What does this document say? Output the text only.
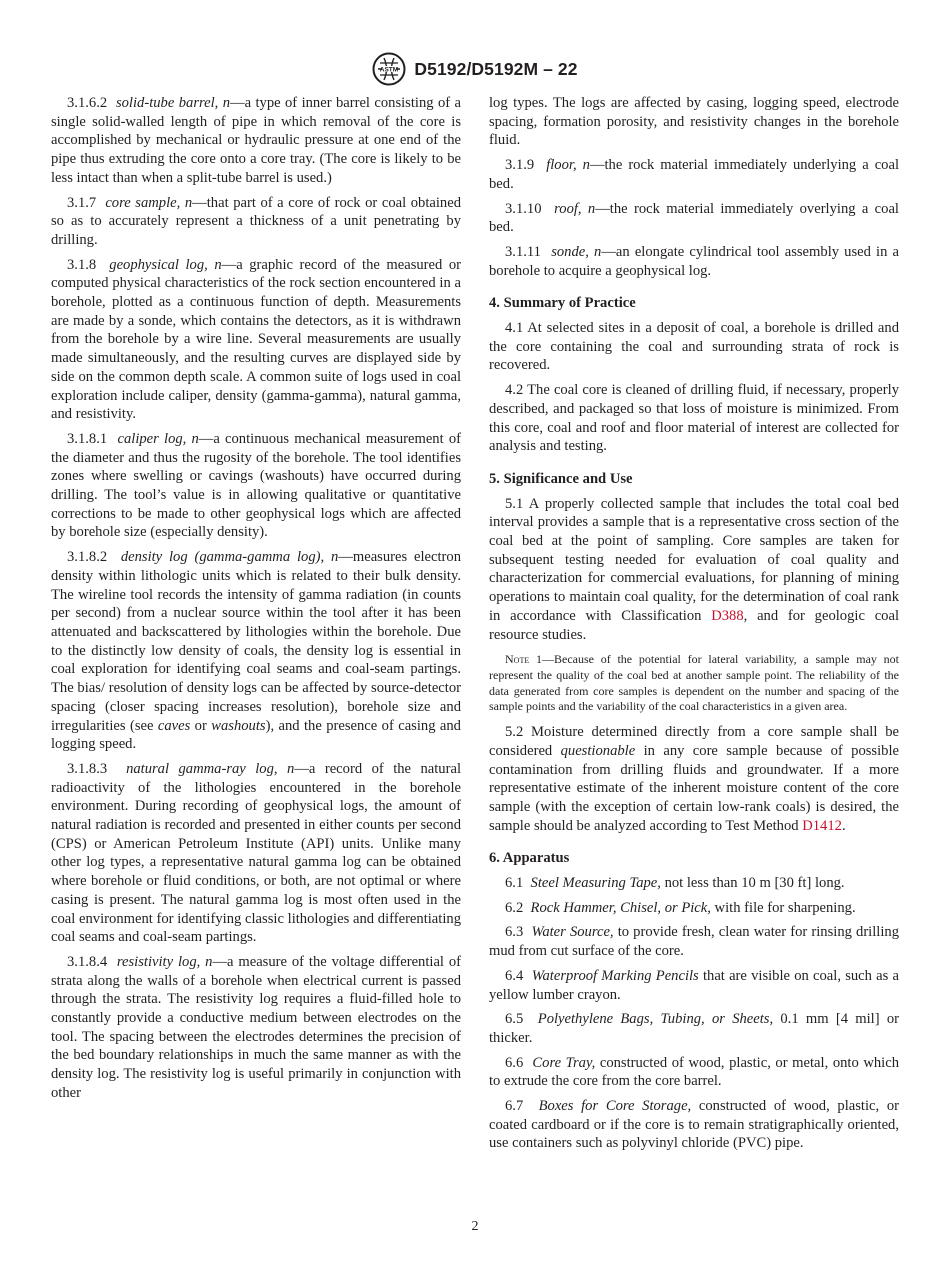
ASTM D5192/D5192M – 22

3.1.6.2 solid-tube barrel, n—a type of inner barrel consisting of a single solid-walled length of pipe in which removal of the core is accomplished by mechanical or hydraulic pressure at one end of the pipe thus extruding the core onto a core tray. (The core is likely to be less intact than when a split-tube barrel is used.)

3.1.7 core sample, n—that part of a core of rock or coal obtained so as to accurately represent a thickness of a unit penetrating by drilling.

3.1.8 geophysical log, n—a graphic record of the measured or computed physical characteristics of the rock section encountered in a borehole, plotted as a continuous function of depth. Measurements are made by a sonde, which contains the detectors, as it is withdrawn from the borehole by a wire line. Several measurements are usually made simultaneously, and the resulting curves are displayed side by side on the common depth scale. A common suite of logs used in coal exploration include caliper, density (gamma-gamma), natural gamma, and resistivity.

3.1.8.1 caliper log, n—a continuous mechanical measurement of the diameter and thus the rugosity of the borehole. The tool identifies zones where swelling or cavings (washouts) have occurred during drilling. The tool’s value is in allowing qualitative or quantitative corrections to be made to other geophysical logs which are affected by borehole size (especially density).

3.1.8.2 density log (gamma-gamma log), n—measures electron density within lithologic units which is related to their bulk density. The wireline tool records the intensity of gamma radiation (in counts per second) from a nuclear source within the tool after it has been attenuated and backscattered by lithologies within the borehole. Due to the distinctly low density of coals, the density log is essential in coal exploration for identifying coal seams and coal-seam partings. The bias/ resolution of density logs can be affected by source-detector spacing (closer spacing increases resolution), borehole size and irregularities (see caves or washouts), and the presence of casing and logging speed.

3.1.8.3 natural gamma-ray log, n—a record of the natural radioactivity of the lithologies encountered in the borehole environment. During recording of geophysical logs, the amount of natural radiation is recorded and presented in either counts per second (CPS) or American Petroleum Institute (API) units. Unlike many other log types, a representative natural gamma log can be obtained where borehole or fluid conditions, or both, are not optimal or where casing is present. The natural gamma log is most often used in the coal environment for identifying classic lithologies and differentiating coal seams and coal-seam partings.

3.1.8.4 resistivity log, n—a measure of the voltage differential of strata along the walls of a borehole when electrical current is passed through the strata. The resistivity log requires a fluid-filled hole to constantly provide a conductive medium between electrodes on the tool. The spacing between the electrodes determines the precision of the bed boundary relationships in much the same manner as with the density log. The resistivity log is useful primarily in conjunction with other

log types. The logs are affected by casing, logging speed, electrode spacing, formation porosity, and resistivity changes in the borehole fluid.

3.1.9 floor, n—the rock material immediately underlying a coal bed.

3.1.10 roof, n—the rock material immediately overlying a coal bed.

3.1.11 sonde, n—an elongate cylindrical tool assembly used in a borehole to acquire a geophysical log.

4. Summary of Practice

4.1 At selected sites in a deposit of coal, a borehole is drilled and the core containing the coal and surrounding strata of rock is recovered.

4.2 The coal core is cleaned of drilling fluid, if necessary, properly described, and packaged so that loss of moisture is minimized. From this core, coal and roof and floor material of interest are collected for analysis and testing.

5. Significance and Use

5.1 A properly collected sample that includes the total coal bed interval provides a sample that is a representative cross section of the coal bed at the point of sampling. Core samples are taken for subsequent testing needed for evaluation of coal quality and characterization for commercial evaluations, for planning of mining operations to maintain coal quality, for the determination of coal rank in accordance with Classification D388, and for geologic coal resource studies.

Note 1—Because of the potential for lateral variability, a sample may not represent the quality of the coal bed at another sample point. The reliability of the data generated from core samples is dependent on the number and spacing of the sample points and the variability of the coal characteristics in a given area.

5.2 Moisture determined directly from a core sample shall be considered questionable in any core sample because of possible contamination from drilling fluids and groundwater. If a more representative estimate of the inherent moisture content of the core sample (with the exception of certain low-rank coals) is desired, the sample should be analyzed according to Test Method D1412.

6. Apparatus

6.1 Steel Measuring Tape, not less than 10 m [30 ft] long.

6.2 Rock Hammer, Chisel, or Pick, with file for sharpening.

6.3 Water Source, to provide fresh, clean water for rinsing drilling mud from cut surface of the core.

6.4 Waterproof Marking Pencils that are visible on coal, such as a yellow lumber crayon.

6.5 Polyethylene Bags, Tubing, or Sheets, 0.1 mm [4 mil] or thicker.

6.6 Core Tray, constructed of wood, plastic, or metal, onto which to extrude the core from the core barrel.

6.7 Boxes for Core Storage, constructed of wood, plastic, or coated cardboard or if the core is to remain stratigraphically oriented, use containers such as polyvinyl chloride (PVC) pipe.

2
